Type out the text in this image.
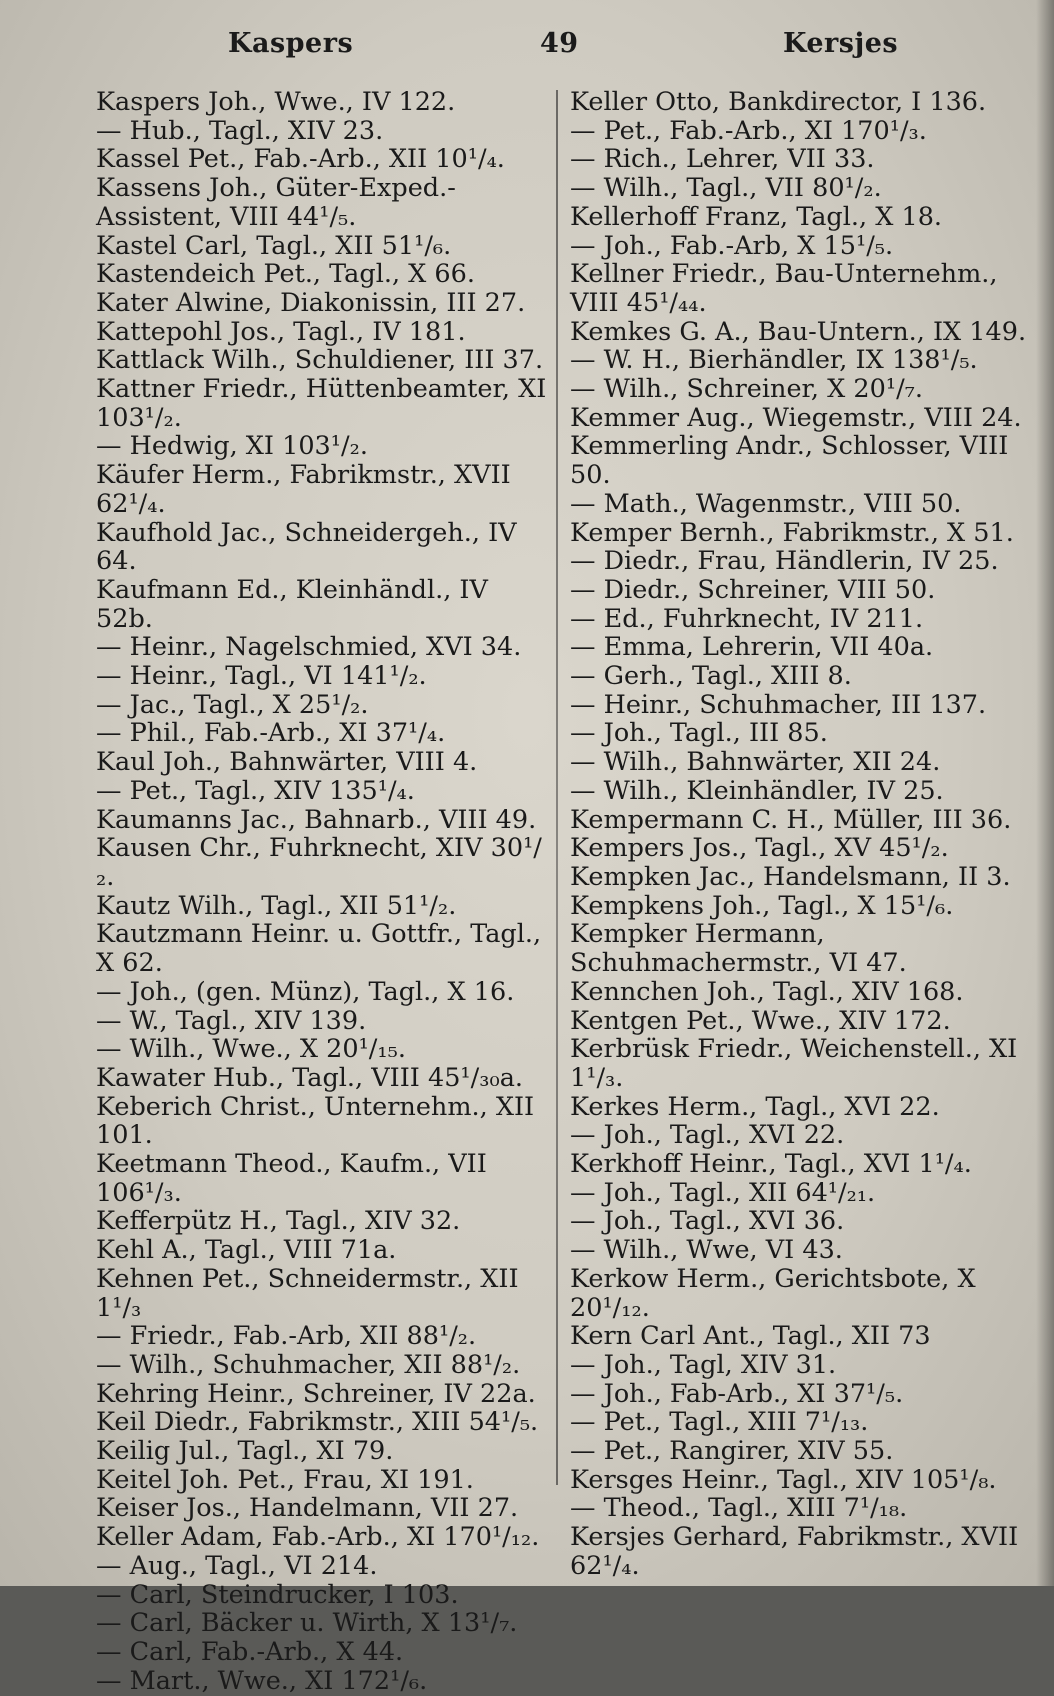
Kaspers	49	Kersjes
Kaspers Joh., Wwe., IV 122.
— Hub., Tagl., XIV 23.
Kassel Pet., Fab.-Arb., XII 10¹/₄.
Kassens Joh., Güter-Exped.-Assistent, VIII 44¹/₅.
Kastel Carl, Tagl., XII 51¹/₆.
Kastendeich Pet., Tagl., X 66.
Kater Alwine, Diakonissin, III 27.
Kattepohl Jos., Tagl., IV 181.
Kattlack Wilh., Schuldiener, III 37.
Kattner Friedr., Hüttenbeamter, XI 103¹/₂.
— Hedwig, XI 103¹/₂.
Käufer Herm., Fabrikmstr., XVII 62¹/₄.
Kaufhold Jac., Schneidergeh., IV 64.
Kaufmann Ed., Kleinhändl., IV 52b.
— Heinr., Nagelschmied, XVI 34.
— Heinr., Tagl., VI 141¹/₂.
— Jac., Tagl., X 25¹/₂.
— Phil., Fab.-Arb., XI 37¹/₄.
Kaul Joh., Bahnwärter, VIII 4.
— Pet., Tagl., XIV 135¹/₄.
Kaumanns Jac., Bahnarb., VIII 49.
Kausen Chr., Fuhrknecht, XIV 30¹/₂.
Kautz Wilh., Tagl., XII 51¹/₂.
Kautzmann Heinr. u. Gottfr., Tagl., X 62.
— Joh., (gen. Münz), Tagl., X 16.
— W., Tagl., XIV 139.
— Wilh., Wwe., X 20¹/₁₅.
Kawater Hub., Tagl., VIII 45¹/₃₀a.
Keberich Christ., Unternehm., XII 101.
Keetmann Theod., Kaufm., VII 106¹/₃.
Kefferpütz H., Tagl., XIV 32.
Kehl A., Tagl., VIII 71a.
Kehnen Pet., Schneidermstr., XII 1¹/₃
— Friedr., Fab.-Arb, XII 88¹/₂.
— Wilh., Schuhmacher, XII 88¹/₂.
Kehring Heinr., Schreiner, IV 22a.
Keil Diedr., Fabrikmstr., XIII 54¹/₅.
Keilig Jul., Tagl., XI 79.
Keitel Joh. Pet., Frau, XI 191.
Keiser Jos., Handelmann, VII 27.
Keller Adam, Fab.-Arb., XI 170¹/₁₂.
— Aug., Tagl., VI 214.
— Carl, Steindrucker, I 103.
— Carl, Bäcker u. Wirth, X 13¹/₇.
— Carl, Fab.-Arb., X 44.
— Mart., Wwe., XI 172¹/₆.
Keller Otto, Bankdirector, I 136.
— Pet., Fab.-Arb., XI 170¹/₃.
— Rich., Lehrer, VII 33.
— Wilh., Tagl., VII 80¹/₂.
Kellerhoff Franz, Tagl., X 18.
— Joh., Fab.-Arb, X 15¹/₅.
Kellner Friedr., Bau-Unternehm., VIII 45¹/₄₄.
Kemkes G. A., Bau-Untern., IX 149.
— W. H., Bierhändler, IX 138¹/₅.
— Wilh., Schreiner, X 20¹/₇.
Kemmer Aug., Wiegemstr., VIII 24.
Kemmerling Andr., Schlosser, VIII 50.
— Math., Wagenmstr., VIII 50.
Kemper Bernh., Fabrikmstr., X 51.
— Diedr., Frau, Händlerin, IV 25.
— Diedr., Schreiner, VIII 50.
— Ed., Fuhrknecht, IV 211.
— Emma, Lehrerin, VII 40a.
— Gerh., Tagl., XIII 8.
— Heinr., Schuhmacher, III 137.
— Joh., Tagl., III 85.
— Wilh., Bahnwärter, XII 24.
— Wilh., Kleinhändler, IV 25.
Kempermann C. H., Müller, III 36.
Kempers Jos., Tagl., XV 45¹/₂.
Kempken Jac., Handelsmann, II 3.
Kempkens Joh., Tagl., X 15¹/₆.
Kempker Hermann, Schuhmachermstr., VI 47.
Kennchen Joh., Tagl., XIV 168.
Kentgen Pet., Wwe., XIV 172.
Kerbrüsk Friedr., Weichenstell., XI 1¹/₃.
Kerkes Herm., Tagl., XVI 22.
— Joh., Tagl., XVI 22.
Kerkhoff Heinr., Tagl., XVI 1¹/₄.
— Joh., Tagl., XII 64¹/₂₁.
— Joh., Tagl., XVI 36.
— Wilh., Wwe, VI 43.
Kerkow Herm., Gerichtsbote, X 20¹/₁₂.
Kern Carl Ant., Tagl., XII 73
— Joh., Tagl, XIV 31.
— Joh., Fab-Arb., XI 37¹/₅.
— Pet., Tagl., XIII 7¹/₁₃.
— Pet., Rangirer, XIV 55.
Kersges Heinr., Tagl., XIV 105¹/₈.
— Theod., Tagl., XIII 7¹/₁₈.
Kersjes Gerhard, Fabrikmstr., XVII 62¹/₄.
